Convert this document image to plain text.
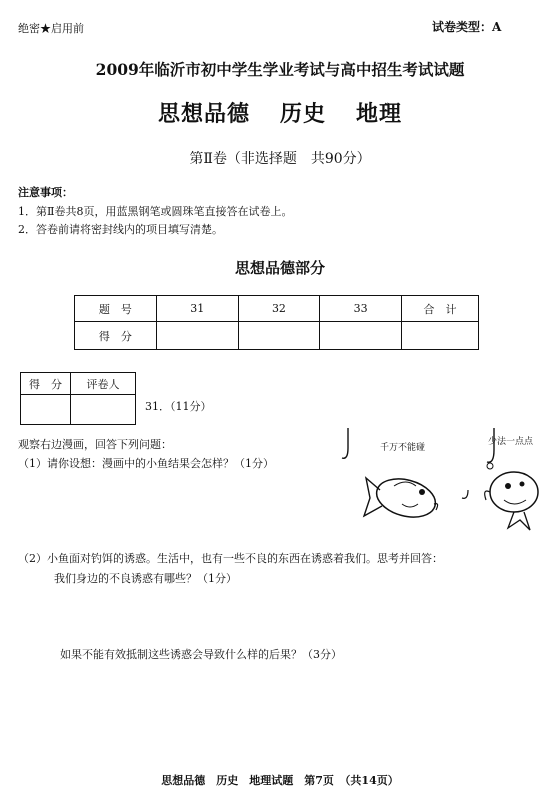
绝密★启用前	试卷类型：A
2009年临沂市初中学生学业考试与高中招生考试试题
思想品德 历史 地理
第Ⅱ卷（非选择题　共90分）
注意事项：
1．第Ⅱ卷共8页，用蓝黑钢笔或圆珠笔直接答在试卷上。
2．答卷前请将密封线内的项目填写清楚。
思想品德部分
题　号	31	32	33	合　计
得　分				
得　分	评卷人

31．（11分）
观察右边漫画，回答下列问题：
（1）请你设想：漫画中的小鱼结果会怎样？（1分）
千万不能碰
少法一点点
（2）小鱼面对钓饵的诱惑。生活中，也有一些不良的东西在诱惑着我们。思考并回答：
我们身边的不良诱惑有哪些？（1分）
如果不能有效抵制这些诱惑会导致什么样的后果？（3分）
思想品德　历史　地理试题　第7页　（共14页）
